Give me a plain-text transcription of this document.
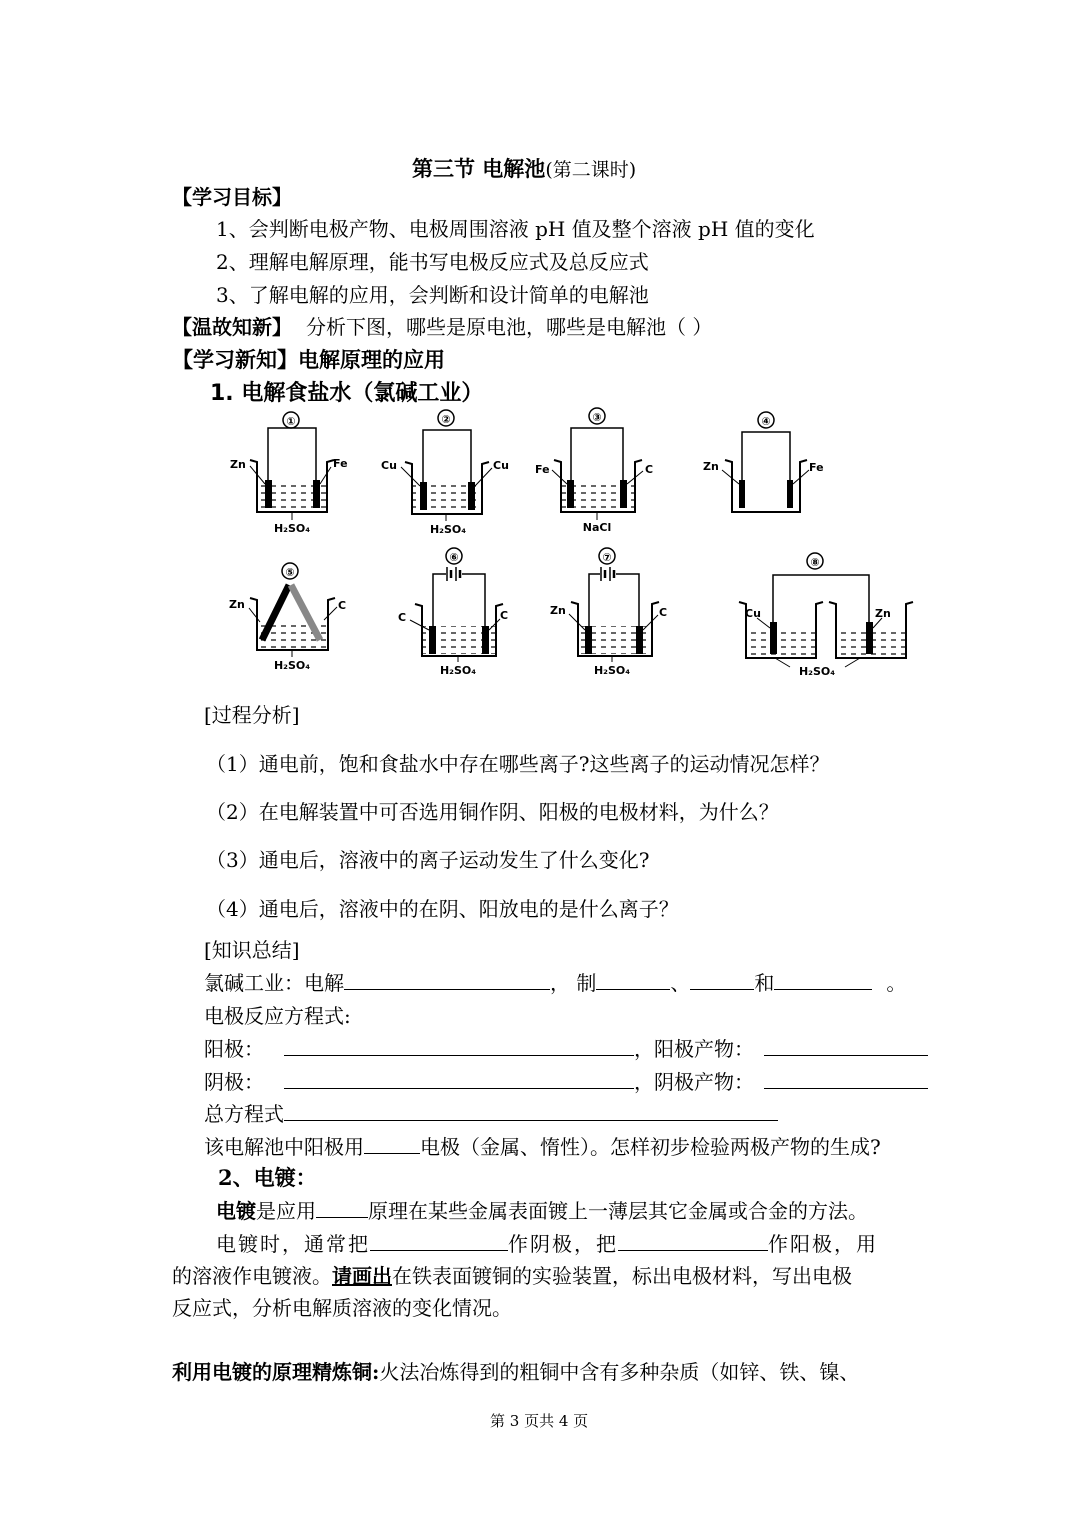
第三节 电解池(第二课时)
【学习目标】
1、会判断电极产物、电极周围溶液 pH 值及整个溶液 pH 值的变化
2、理解电解原理，能书写电极反应式及总反应式
3、了解电解的应用，会判断和设计简单的电解池
【温故知新】 分析下图，哪些是原电池，哪些是电解池（ ）
【学习新知】电解原理的应用
1. 电解食盐水（氯碱工业）
①
Zn	Fe
H₂SO₄
②
Cu	Cu
H₂SO₄
③
Fe	C
NaCl
④
Zn	Fe
⑤
Zn	C
H₂SO₄
⑥
C	C
H₂SO₄
⑦
Zn	C
H₂SO₄
⑧
Cu	Zn
H₂SO₄
[过程分析]
（1）通电前，饱和食盐水中存在哪些离子?这些离子的运动情况怎样？
（2）在电解装置中可否选用铜作阴、阳极的电极材料，为什么？
（3）通电后，溶液中的离子运动发生了什么变化?
（4）通电后，溶液中的在阴、阳放电的是什么离子？
[知识总结]
氯碱工业：电解	， 制	、	和	。
电极反应方程式:
阳极：	，阳极产物：
阴极：	，阴极产物：
总方程式
该电解池中阳极用	电极（金属、惰性）。怎样初步检验两极产物的生成?
2、电镀：
电镀是应用	原理在某些金属表面镀上一薄层其它金属或合金的方法。
电镀时，通常把	作阴极，把	作阳极，用
的溶液作电镀液。请画出在铁表面镀铜的实验装置，标出电极材料，写出电极
反应式，分析电解质溶液的变化情况。
利用电镀的原理精炼铜:火法冶炼得到的粗铜中含有多种杂质（如锌、铁、镍、
第 3 页共 4 页
